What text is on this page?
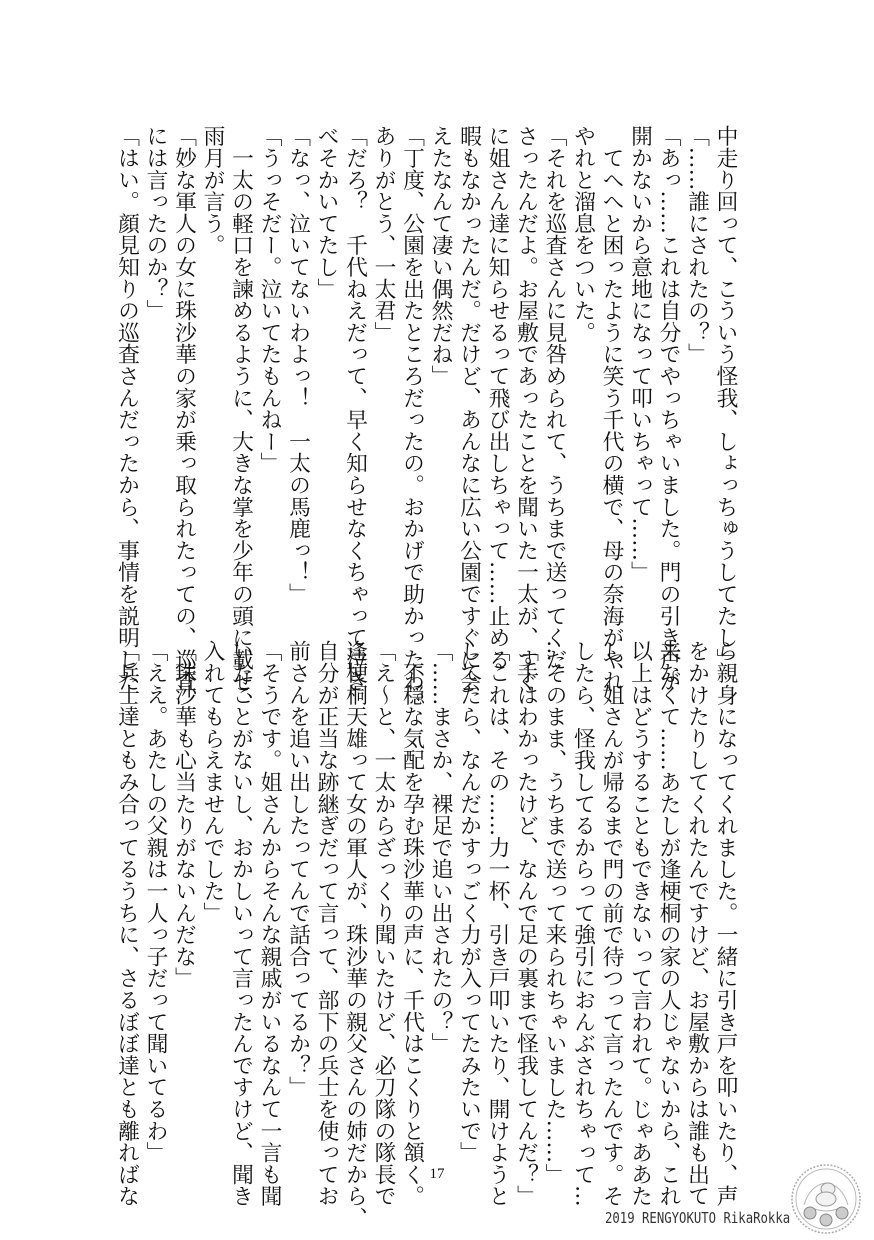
中走り回って、こういう怪我、しょっちゅうしてたし」
「……誰にされたの？」
「あっ……これは自分でやっちゃいました。門の引き戸が
開かないから意地になって叩いちゃって……」
　てへへと困ったように笑う千代の横で、母の奈海がやれ
やれと溜息をついた。
「それを巡査さんに見咎められて、うちまで送ってくだ
さったんだよ。お屋敷であったことを聞いた一太が、すぐ
に姐さん達に知らせるって飛び出しちゃって……止める
暇もなかったんだ。だけど、あんなに広い公園ですぐに会
えたなんて凄い偶然だね」
「丁度、公園を出たところだったの。おかげで助かったわ。
ありがとう、一太君」
「だろ？　千代ねえだって、早く知らせなくちゃって泣き
べそかいてたし」
「なっ、泣いてないわよっ！　一太の馬鹿っ！」
「うっそだー。泣いてたもんねー」
　一太の軽口を諫めるように、大きな掌を少年の頭に載せ、
雨月が言う。
「妙な軍人の女に珠沙華の家が乗っ取られたっての、巡査
には言ったのか？」
「はい。顔見知りの巡査さんだったから、事情を説明した
ら親身になってくれました。一緒に引き戸を叩いたり、声
をかけたりしてくれたんですけど、お屋敷からは誰も出て
来なくて……あたしが逢梗桐の家の人じゃないから、これ
以上はどうすることもできないって言われて。じゃああた
し、姐さんが帰るまで門の前で待つって言ったんです。そ
したら、怪我してるからって強引におんぶされちゃって…
…そのまま、うちまで送って来られちゃいました……」
「手はわかったけど、なんで足の裏まで怪我してんだ？」
「これは、その……力一杯、引き戸叩いたり、開けようと
してたら、なんだかすっごく力が入ってたみたいで」
「……まさか、裸足で追い出されたの？」
　不穏な気配を孕む珠沙華の声に、千代はこくりと頷く。
「え～と、一太からざっくり聞いたけど、必刀隊の隊長で
逢梗桐天雄って女の軍人が、珠沙華の親父さんの姉だから、
自分が正当な跡継ぎだって言って、部下の兵士を使ってお
前さんを追い出したってんで話合ってるか？」
「そうです。姐さんからそんな親戚がいるなんて一言も聞
いたことがないし、おかしいって言ったんですけど、聞き
入れてもらえませんでした」
「珠沙華も心当たりがないんだな」
「ええ。あたしの父親は一人っ子だって聞いてるわ」
「兵士達ともみ合ってるうちに、さるぼぼ達とも離ればな	17
2019 RENGYOKUTO RikaRokka
